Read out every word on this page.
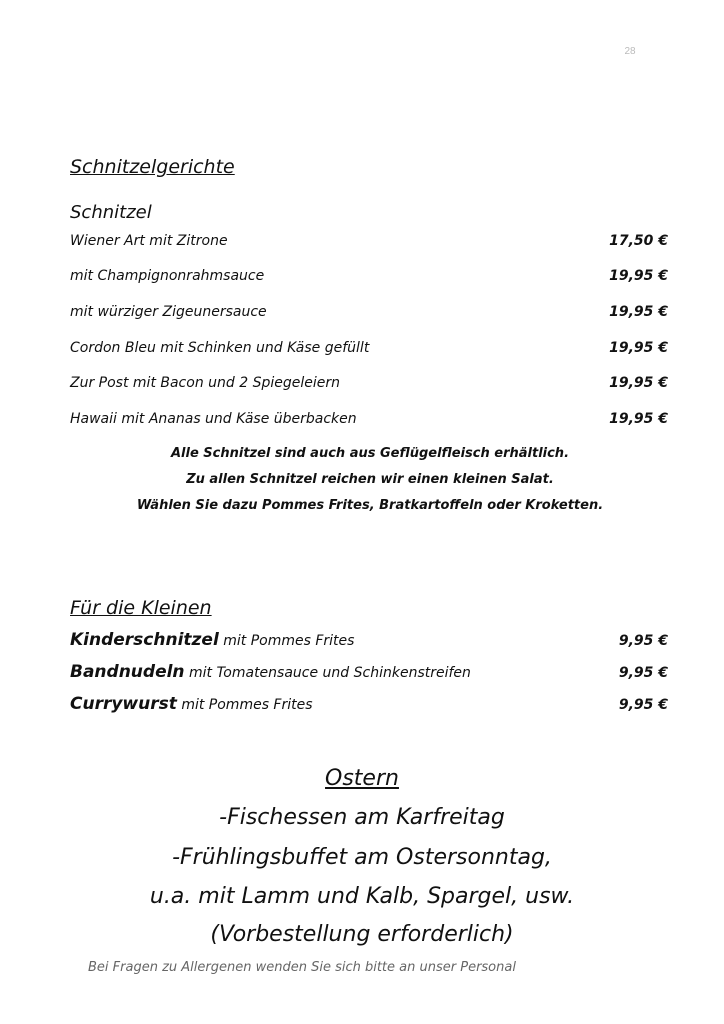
28
Schnitzelgerichte
Schnitzel
Wiener Art mit Zitrone	17,50 €
mit Champignonrahmsauce	19,95 €
mit würziger Zigeunersauce	19,95 €
Cordon Bleu mit Schinken und Käse gefüllt	19,95 €
Zur Post mit Bacon und 2 Spiegeleiern	19,95 €
Hawaii mit Ananas und Käse überbacken	19,95 €
Alle Schnitzel sind auch aus Geflügelfleisch erhältlich.
Zu allen Schnitzel reichen wir einen kleinen Salat.
Wählen Sie dazu Pommes Frites, Bratkartoffeln oder Kroketten.
Für die Kleinen
Kinderschnitzel mit Pommes Frites	9,95 €
Bandnudeln mit Tomatensauce und Schinkenstreifen	9,95 €
Currywurst mit Pommes Frites	9,95 €
Ostern
-Fischessen am Karfreitag
-Frühlingsbuffet am Ostersonntag,
u.a. mit Lamm und Kalb, Spargel, usw.
(Vorbestellung erforderlich)
Bei Fragen zu Allergenen wenden Sie sich bitte an unser Personal
